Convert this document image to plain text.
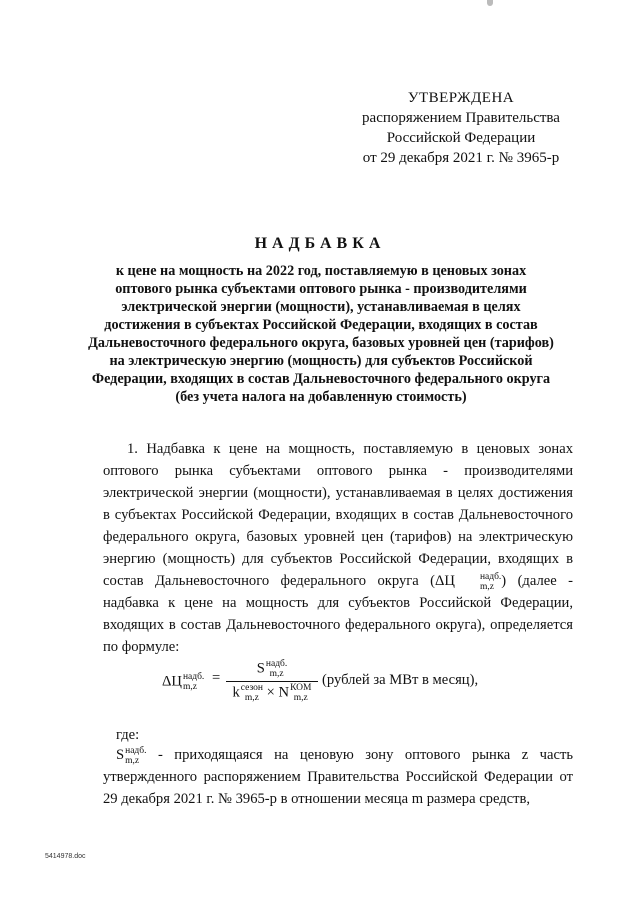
УТВЕРЖДЕНА
распоряжением Правительства
Российской Федерации
от 29 декабря 2021 г. № 3965-р
НАДБАВКА
к цене на мощность на 2022 год, поставляемую в ценовых зонах оптового рынка субъектами оптового рынка - производителями электрической энергии (мощности), устанавливаемая в целях достижения в субъектах Российской Федерации, входящих в состав Дальневосточного федерального округа, базовых уровней цен (тарифов) на электрическую энергию (мощность) для субъектов Российской Федерации, входящих в состав Дальневосточного федерального округа (без учета налога на добавленную стоимость)

1. Надбавка к цене на мощность, поставляемую в ценовых зонах оптового рынка субъектами оптового рынка - производителями электрической энергии (мощности), устанавливаемая в целях достижения в субъектах Российской Федерации, входящих в состав Дальневосточного федерального округа, базовых уровней цен (тарифов) на электрическую энергию (мощность) для субъектов Российской Федерации, входящих в состав Дальневосточного федерального округа (ΔЦ	надб.
m,z ) (далее - надбавка к цене на мощность для субъектов Российской Федерации, входящих в состав Дальневосточного федерального округа), определяется по формуле:

ΔЦ надб.
m,z
=
S надб.
m,z
k сезон
m,z × N КОМ
m,z
(рублей за МВт в месяц),
где:
S надб.
m,z	- приходящаяся на ценовую зону оптового рынка z часть утвержденного распоряжением Правительства Российской Федерации от 29 декабря 2021 г. № 3965-р в отношении месяца m размера средств,
5414978.doc
